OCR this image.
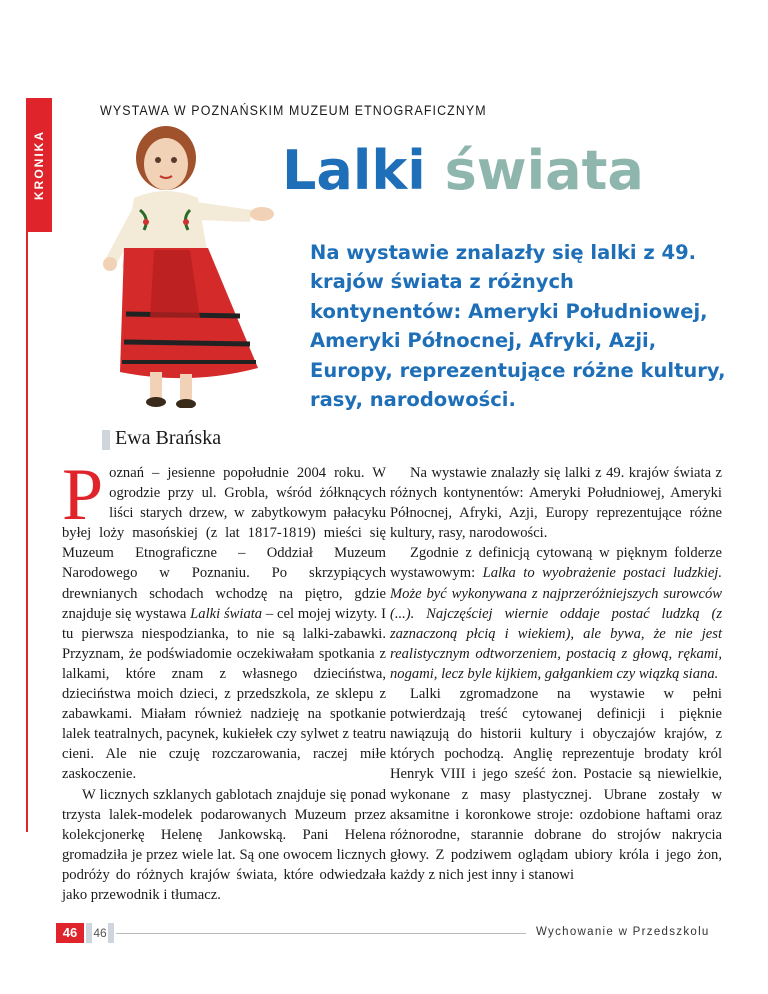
KRONIKA
WYSTAWA W POZNAŃSKIM MUZEUM ETNOGRAFICZNYM
Lalki świata
Na wystawie znalazły się lalki z 49. krajów świata z różnych kontynentów: Ameryki Południowej, Ameryki Północnej, Afryki, Azji, Europy, reprezentujące różne kultury, rasy, narodowości.
Ewa Brańska

Poznań – jesienne popołudnie 2004 roku. W ogrodzie przy ul. Grobla, wśród żółknących liści starych drzew, w zabytkowym pałacyku byłej loży masońskiej (z lat 1817-1819) mieści się Muzeum Etnograficzne – Oddział Muzeum Narodowego w Poznaniu. Po skrzypiących drewnianych schodach wchodzę na piętro, gdzie znajduje się wystawa Lalki świata – cel mojej wizyty. I tu pierwsza niespodzianka, to nie są lalki-zabawki. Przyznam, że podświadomie oczekiwałam spotkania z lalkami, które znam z własnego dzieciństwa, dzieciństwa moich dzieci, z przedszkola, ze sklepu z zabawkami. Miałam również nadzieję na spotkanie lalek teatralnych, pacynek, kukiełek czy sylwet z teatru cieni. Ale nie czuję rozczarowania, raczej miłe zaskoczenie.

W licznych szklanych gablotach znajduje się ponad trzysta lalek-modelek podarowanych Muzeum przez kolekcjonerkę Helenę Jankowską. Pani Helena gromadziła je przez wiele lat. Są one owocem licznych podróży do różnych krajów świata, które odwiedzała jako przewodnik i tłumacz.

Na wystawie znalazły się lalki z 49. krajów świata z różnych kontynentów: Ameryki Południowej, Ameryki Północnej, Afryki, Azji, Europy reprezentujące różne kultury, rasy, narodowości.

Zgodnie z definicją cytowaną w pięknym folderze wystawowym: Lalka to wyobrażenie postaci ludzkiej. Może być wykonywana z najprzeróżniejszych surowców (...). Najczęściej wiernie oddaje postać ludzką (z zaznaczoną płcią i wiekiem), ale bywa, że nie jest realistycznym odtworzeniem, postacią z głową, rękami, nogami, lecz byle kijkiem, gałgankiem czy wiązką siana.

Lalki zgromadzone na wystawie w pełni potwierdzają treść cytowanej definicji i pięknie nawiązują do historii kultury i obyczajów krajów, z których pochodzą. Anglię reprezentuje brodaty król Henryk VIII i jego sześć żon. Postacie są niewielkie, wykonane z masy plastycznej. Ubrane zostały w aksamitne i koronkowe stroje: ozdobione haftami oraz różnorodne, starannie dobrane do strojów nakrycia głowy. Z podziwem oglądam ubiory króla i jego żon, każdy z nich jest inny i stanowi

46	46	Wychowanie w Przedszkolu
